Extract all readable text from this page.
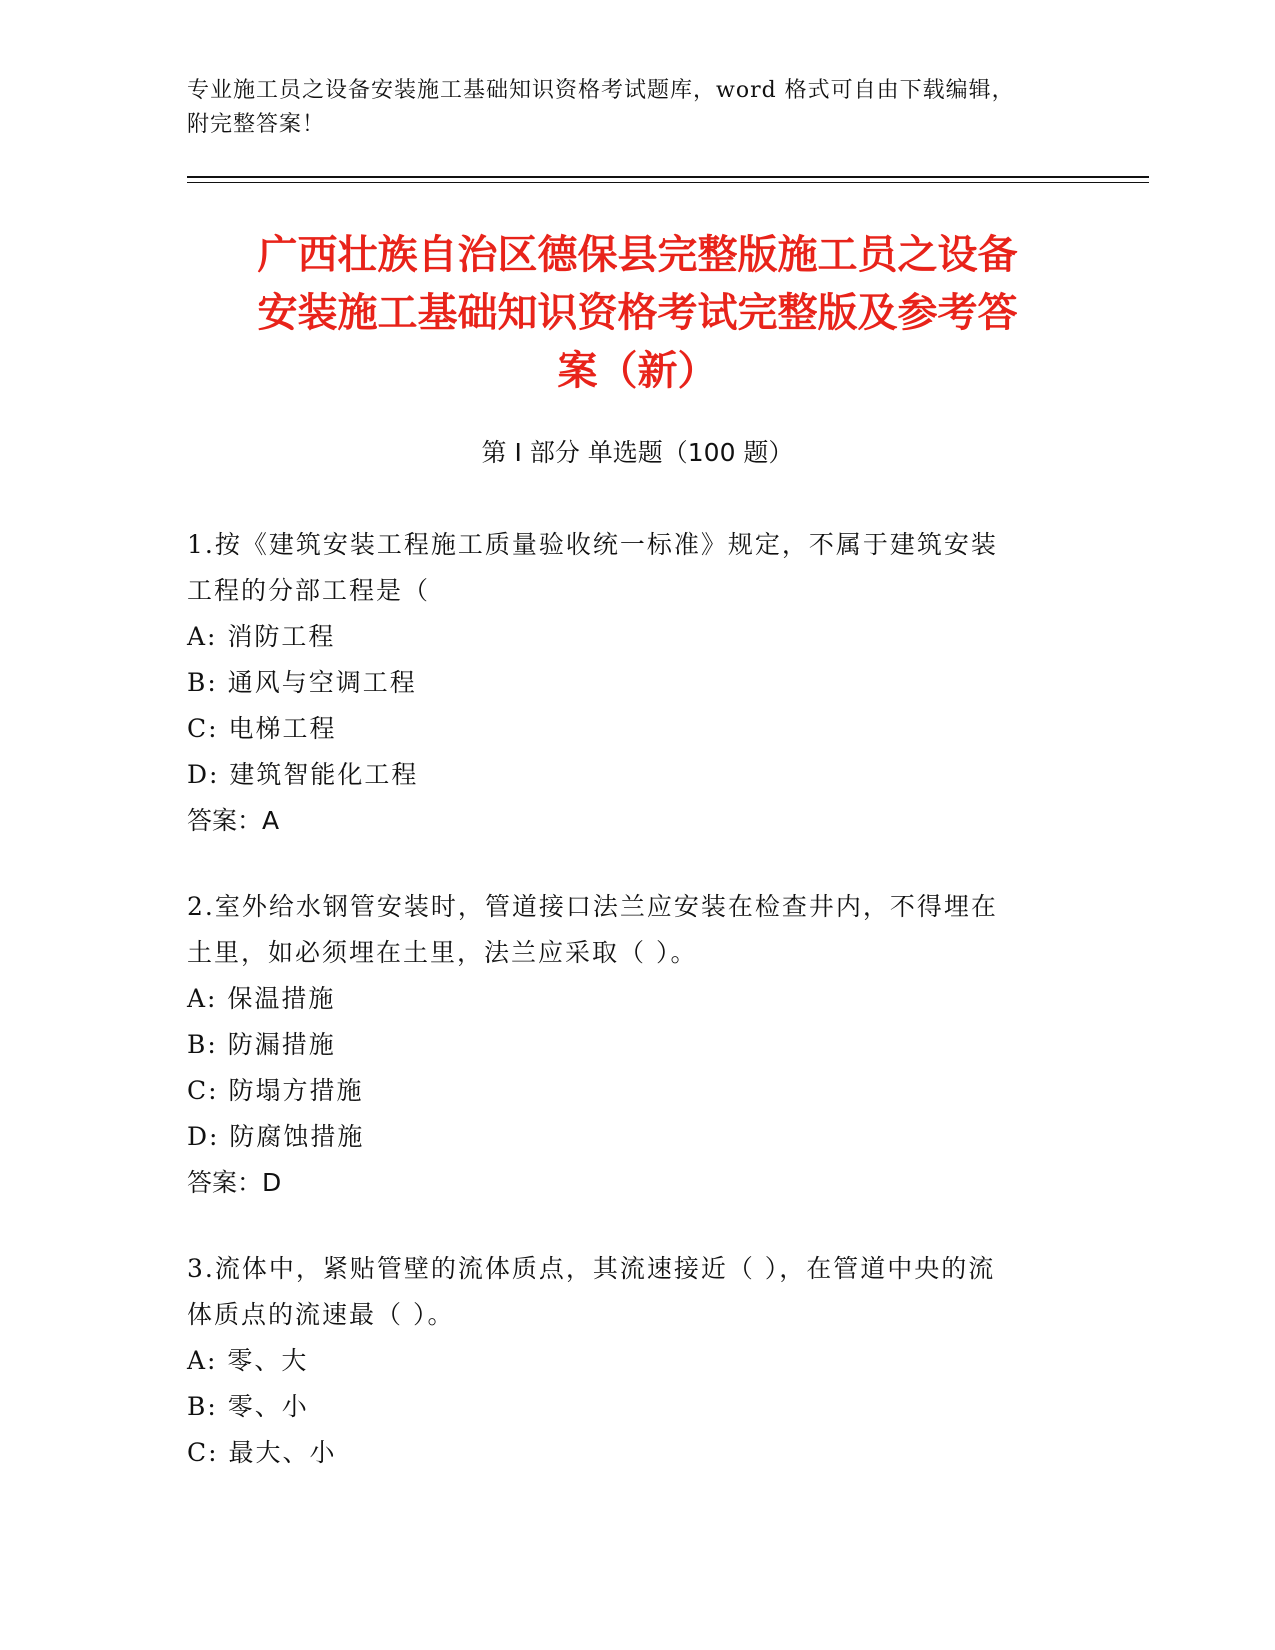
专业施工员之设备安装施工基础知识资格考试题库，word 格式可自由下载编辑，
附完整答案！
广西壮族自治区德保县完整版施工员之设备
安装施工基础知识资格考试完整版及参考答
案（新）
第 I 部分 单选题（100 题）
1.按《建筑安装工程施工质量验收统一标准》规定，不属于建筑安装
工程的分部工程是（
A: 消防工程
B: 通风与空调工程
C: 电梯工程
D: 建筑智能化工程
答案：A
2.室外给水钢管安装时，管道接口法兰应安装在检查井内，不得埋在
土里，如必须埋在土里，法兰应采取（ ）。
A: 保温措施
B: 防漏措施
C: 防塌方措施
D: 防腐蚀措施
答案：D
3.流体中，紧贴管壁的流体质点，其流速接近（ ），在管道中央的流
体质点的流速最（ ）。
A: 零、大
B: 零、小
C: 最大、小
